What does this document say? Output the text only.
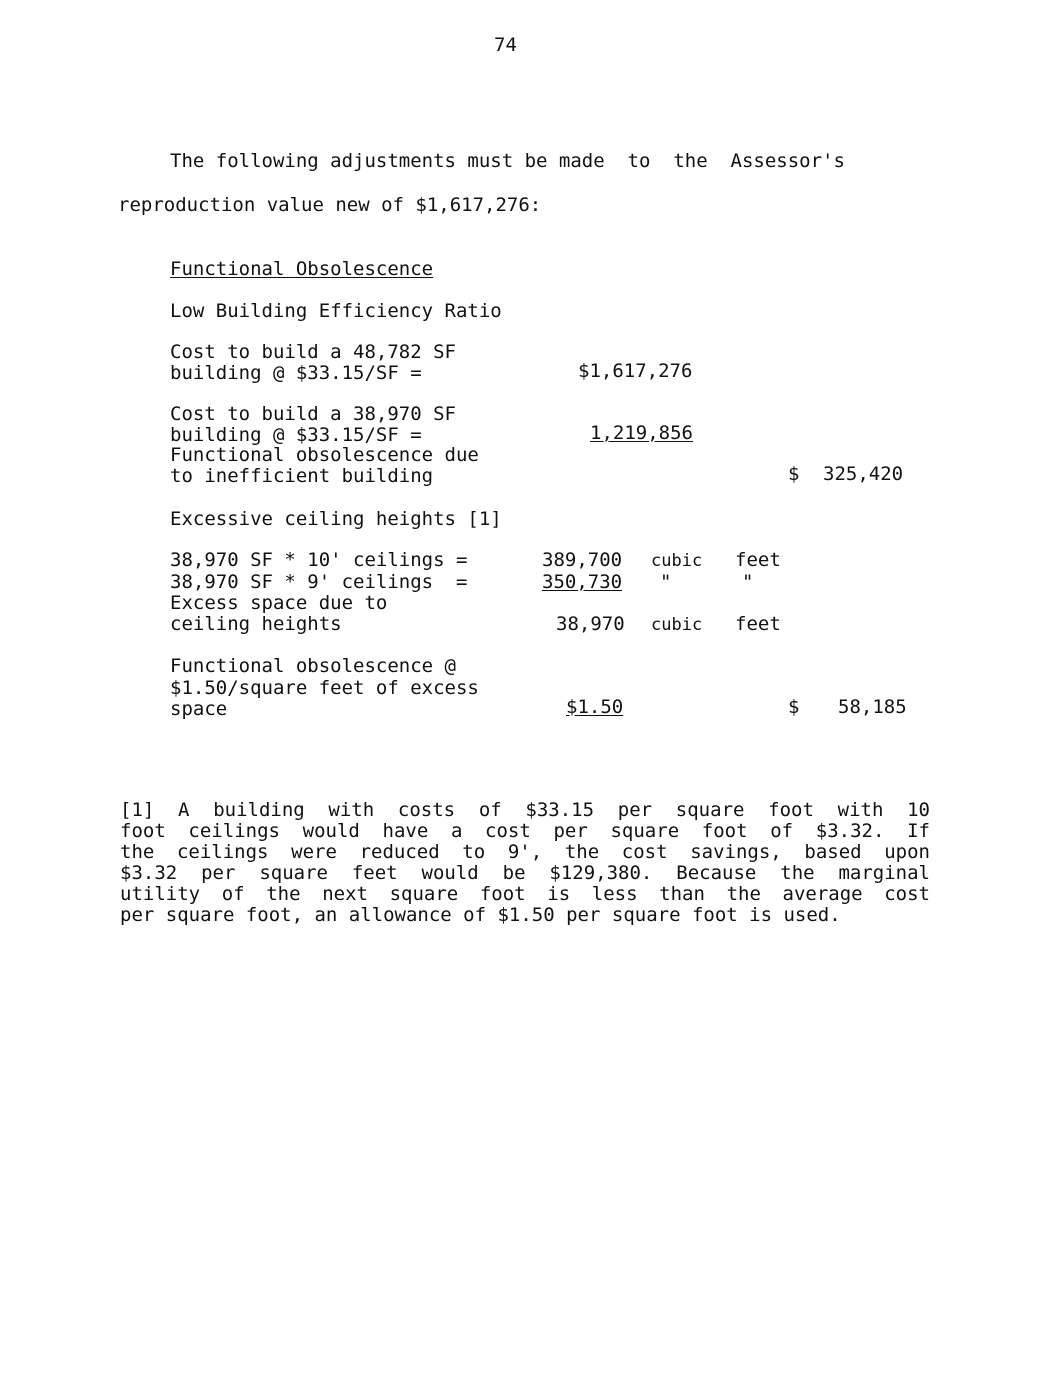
74
The following adjustments must be made  to  the  Assessor's
reproduction value new of $1,617,276:
Functional Obsolescence
Low Building Efficiency Ratio
Cost to build a 48,782 SF
building @ $33.15/SF =	$1,617,276
Cost to build a 38,970 SF
building @ $33.15/SF =	1,219,856
Functional obsolescence due
to inefficient building	$ 325,420
Excessive ceiling heights [1]
38,970 SF * 10' ceilings =	389,700 cubic feet
38,970 SF * 9' ceilings  =	350,730 "	"
Excess space due to
ceiling heights	38,970 cubic feet
Functional obsolescence @
$1.50/square feet of excess
space	$1.50	$ 58,185
[1] A building with costs of $33.15 per square foot with 10
foot ceilings would have a cost per square foot of $3.32. If
the ceilings were reduced to 9', the cost savings, based upon
$3.32 per square feet would be $129,380. Because the marginal
utility of the next square foot is less than the average cost
per square foot, an allowance of $1.50 per square foot is used.
